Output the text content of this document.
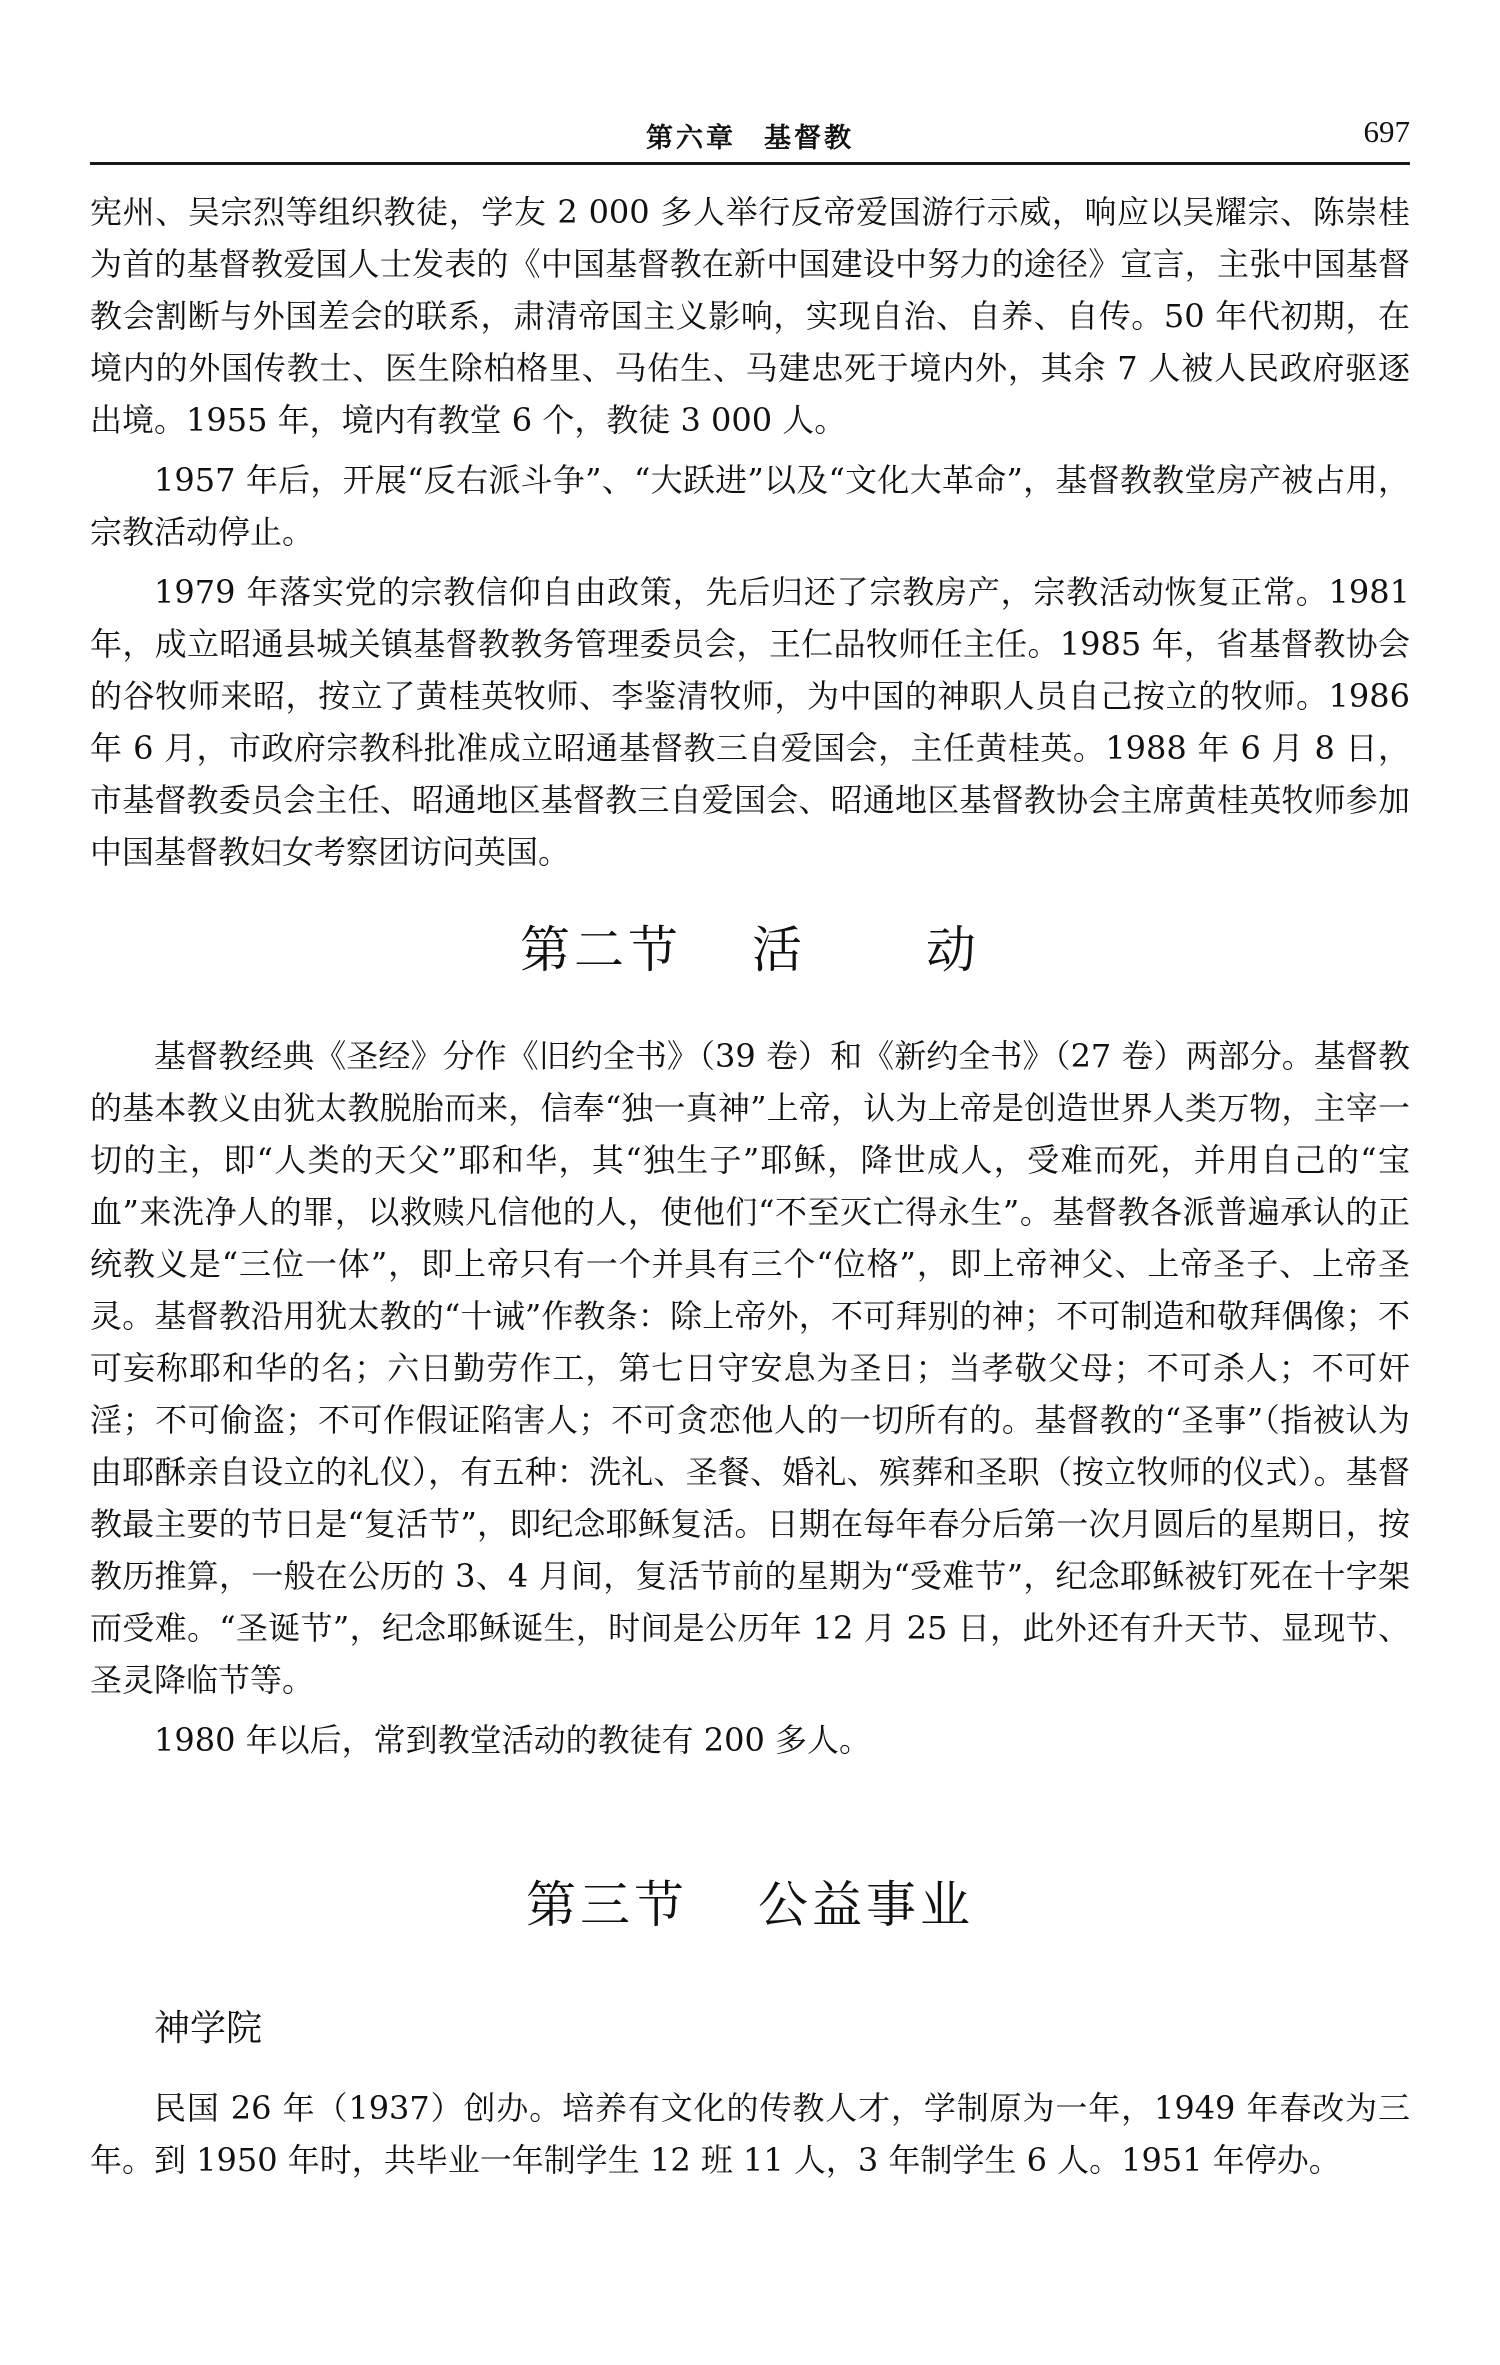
第六章 基督教	697

宪州、吴宗烈等组织教徒，学友 2 000 多人举行反帝爱国游行示威，响应以吴耀宗、陈崇桂为首的基督教爱国人士发表的《中国基督教在新中国建设中努力的途径》宣言，主张中国基督教会割断与外国差会的联系，肃清帝国主义影响，实现自治、自养、自传。50 年代初期，在境内的外国传教士、医生除柏格里、马佑生、马建忠死于境内外，其余 7 人被人民政府驱逐出境。1955 年，境内有教堂 6 个，教徒 3 000 人。

1957 年后，开展“反右派斗争”、“大跃进”以及“文化大革命”，基督教教堂房产被占用，宗教活动停止。

1979 年落实党的宗教信仰自由政策，先后归还了宗教房产，宗教活动恢复正常。1981 年，成立昭通县城关镇基督教教务管理委员会，王仁品牧师任主任。1985 年，省基督教协会的谷牧师来昭，按立了黄桂英牧师、李鉴清牧师，为中国的神职人员自己按立的牧师。1986 年 6 月，市政府宗教科批准成立昭通基督教三自爱国会，主任黄桂英。1988 年 6 月 8 日，市基督教委员会主任、昭通地区基督教三自爱国会、昭通地区基督教协会主席黄桂英牧师参加中国基督教妇女考察团访问英国。

第二节 活 动

基督教经典《圣经》分作《旧约全书》（39 卷）和《新约全书》（27 卷）两部分。基督教的基本教义由犹太教脱胎而来，信奉“独一真神”上帝，认为上帝是创造世界人类万物，主宰一切的主，即“人类的天父”耶和华，其“独生子”耶稣，降世成人，受难而死，并用自己的“宝血”来洗净人的罪，以救赎凡信他的人，使他们“不至灭亡得永生”。基督教各派普遍承认的正统教义是“三位一体”，即上帝只有一个并具有三个“位格”，即上帝神父、上帝圣子、上帝圣灵。基督教沿用犹太教的“十诫”作教条：除上帝外，不可拜别的神；不可制造和敬拜偶像；不可妄称耶和华的名；六日勤劳作工，第七日守安息为圣日；当孝敬父母；不可杀人；不可奸淫；不可偷盗；不可作假证陷害人；不可贪恋他人的一切所有的。基督教的“圣事”（指被认为由耶酥亲自设立的礼仪），有五种：洗礼、圣餐、婚礼、殡葬和圣职（按立牧师的仪式）。基督教最主要的节日是“复活节”，即纪念耶稣复活。日期在每年春分后第一次月圆后的星期日，按教历推算，一般在公历的 3、4 月间，复活节前的星期为“受难节”，纪念耶稣被钉死在十字架而受难。“圣诞节”，纪念耶稣诞生，时间是公历年 12 月 25 日，此外还有升天节、显现节、圣灵降临节等。

1980 年以后，常到教堂活动的教徒有 200 多人。

第三节 公益事业
神学院

民国 26 年（1937）创办。培养有文化的传教人才，学制原为一年，1949 年春改为三年。到 1950 年时，共毕业一年制学生 12 班 11 人，3 年制学生 6 人。1951 年停办。
